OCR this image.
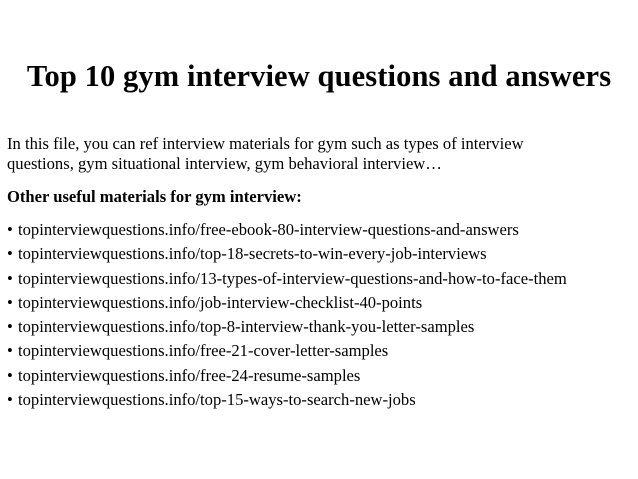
Top 10 gym interview questions and answers
In this file, you can ref interview materials for gym such as types of interview
questions, gym situational interview, gym behavioral interview…
Other useful materials for gym interview:
• topinterviewquestions.info/free-ebook-80-interview-questions-and-answers
• topinterviewquestions.info/top-18-secrets-to-win-every-job-interviews
• topinterviewquestions.info/13-types-of-interview-questions-and-how-to-face-them
• topinterviewquestions.info/job-interview-checklist-40-points
• topinterviewquestions.info/top-8-interview-thank-you-letter-samples
• topinterviewquestions.info/free-21-cover-letter-samples
• topinterviewquestions.info/free-24-resume-samples
• topinterviewquestions.info/top-15-ways-to-search-new-jobs
